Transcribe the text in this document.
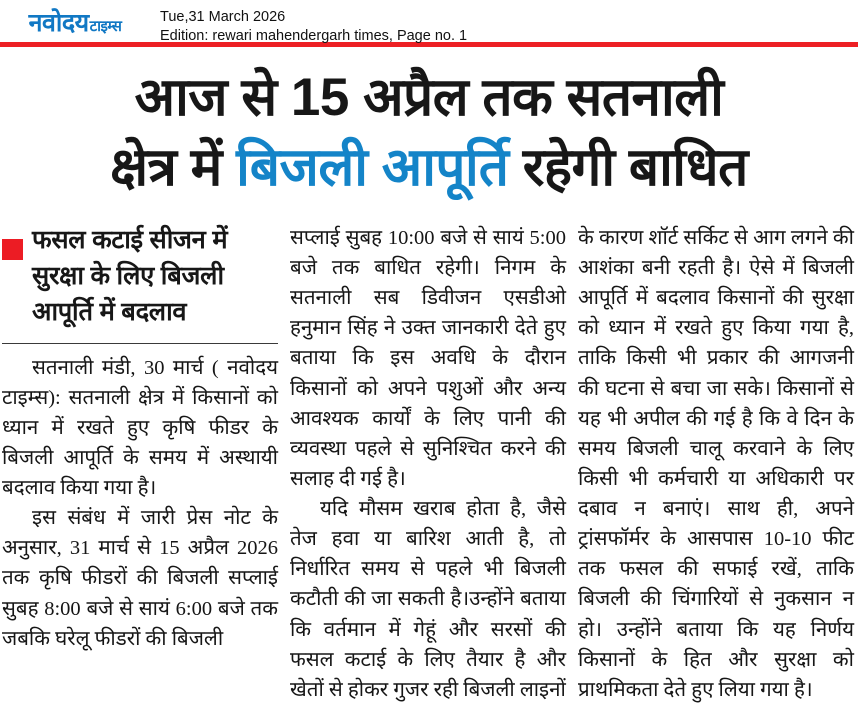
नवोदय टाइम्स
Tue,31 March 2026
Edition: rewari mahendergarh times, Page no. 1
आज से 15 अप्रैल तक सतनाली
क्षेत्र में बिजली आपूर्ति रहेगी बाधित
फसल कटाई सीजन में
सुरक्षा के लिए बिजली
आपूर्ति में बदलाव

सतनाली मंडी, 30 मार्च ( नवोदय टाइम्स): सतनाली क्षेत्र में किसानों को ध्यान में रखते हुए कृषि फीडर के बिजली आपूर्ति के समय में अस्थायी बदलाव किया गया है।

इस संबंध में जारी प्रेस नोट के अनुसार, 31 मार्च से 15 अप्रैल 2026 तक कृषि फीडरों की बिजली सप्लाई सुबह 8:00 बजे से सायं 6:00 बजे तक जबकि घरेलू फीडरों की बिजली

सप्लाई सुबह 10:00 बजे से सायं 5:00 बजे तक बाधित रहेगी। निगम के सतनाली सब डिवीजन एसडीओ हनुमान सिंह ने उक्त जानकारी देते हुए बताया कि इस अवधि के दौरान किसानों को अपने पशुओं और अन्य आवश्यक कार्यों के लिए पानी की व्यवस्था पहले से सुनिश्चित करने की सलाह दी गई है।

यदि मौसम खराब होता है, जैसे तेज हवा या बारिश आती है, तो निर्धारित समय से पहले भी बिजली कटौती की जा सकती है।उन्होंने बताया कि वर्तमान में गेहूं और सरसों की फसल कटाई के लिए तैयार है और खेतों से होकर गुजर रही बिजली लाइनों

के कारण शॉर्ट सर्किट से आग लगने की आशंका बनी रहती है। ऐसे में बिजली आपूर्ति में बदलाव किसानों की सुरक्षा को ध्यान में रखते हुए किया गया है, ताकि किसी भी प्रकार की आगजनी की घटना से बचा जा सके। किसानों से यह भी अपील की गई है कि वे दिन के समय बिजली चालू करवाने के लिए किसी भी कर्मचारी या अधिकारी पर दबाव न बनाएं। साथ ही, अपने ट्रांसफॉर्मर के आसपास 10-10 फीट तक फसल की सफाई रखें, ताकि बिजली की चिंगारियों से नुकसान न हो। उन्होंने बताया कि यह निर्णय किसानों के हित और सुरक्षा को प्राथमिकता देते हुए लिया गया है।
